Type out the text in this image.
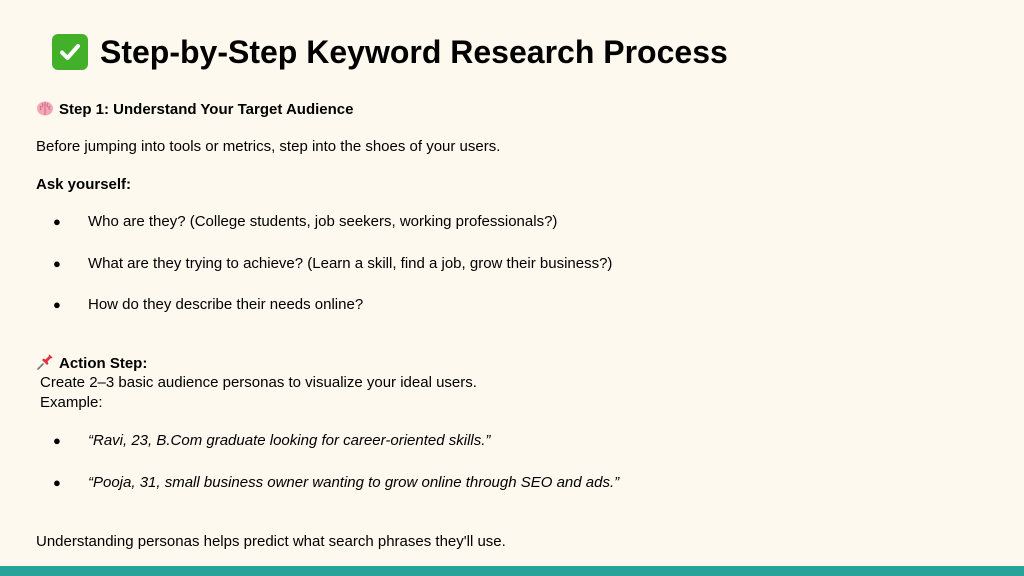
Step-by-Step Keyword Research Process
Step 1: Understand Your Target Audience
Before jumping into tools or metrics, step into the shoes of your users.
Ask yourself:
● Who are they? (College students, job seekers, working professionals?)
● What are they trying to achieve? (Learn a skill, find a job, grow their business?)
● How do they describe their needs online?
Action Step:
Create 2–3 basic audience personas to visualize your ideal users.
Example:
● “Ravi, 23, B.Com graduate looking for career-oriented skills.”
● “Pooja, 31, small business owner wanting to grow online through SEO and ads.”
Understanding personas helps predict what search phrases they'll use.
